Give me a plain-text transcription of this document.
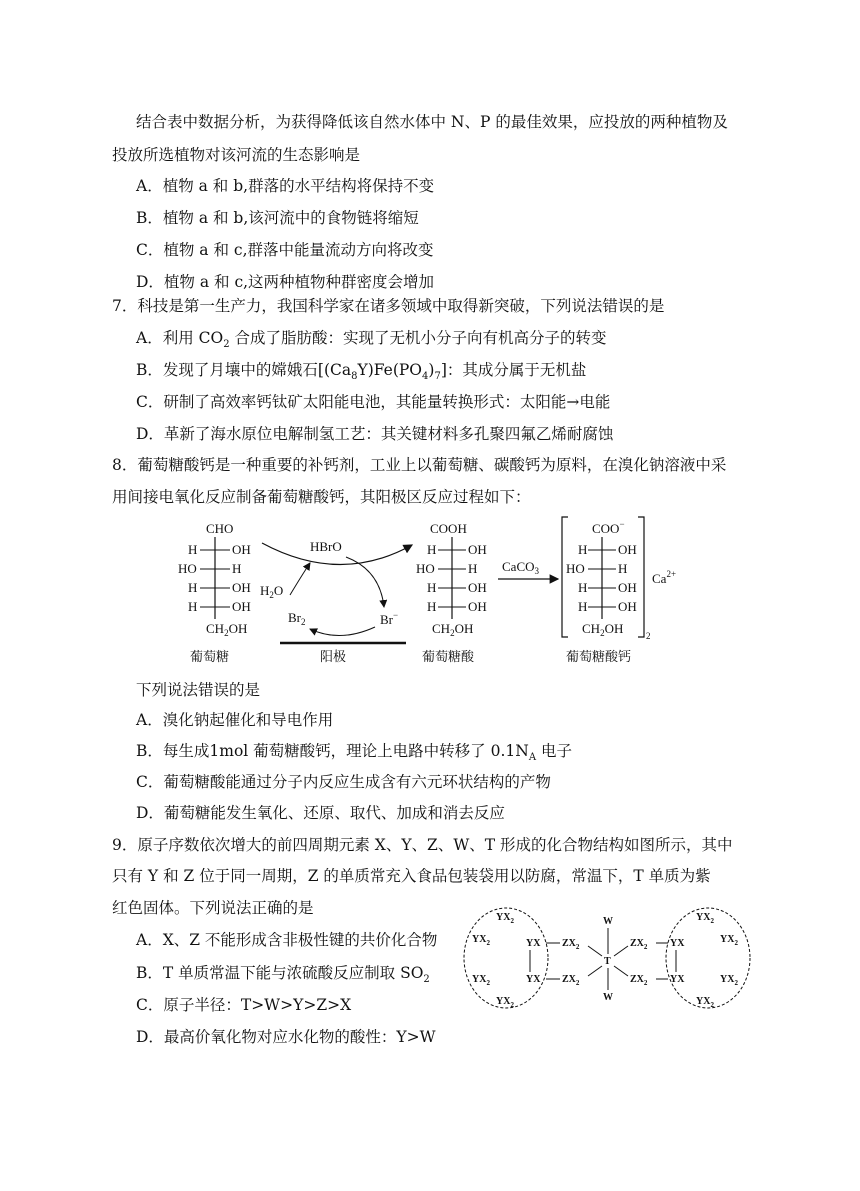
结合表中数据分析，为获得降低该自然水体中 N、P 的最佳效果，应投放的两种植物及
投放所选植物对该河流的生态影响是
A．植物 a 和 b,群落的水平结构将保持不变
B．植物 a 和 b,该河流中的食物链将缩短
C．植物 a 和 c,群落中能量流动方向将改变
D．植物 a 和 c,这两种植物种群密度会增加
7．科技是第一生产力，我国科学家在诸多领域中取得新突破，下列说法错误的是
A．利用 $CO_2$ 合成了脂肪酸：实现了无机小分子向有机高分子的转变
B．发现了月壤中的嫦娥石$[(Ca_8Y)Fe(PO_4)_7]$：其成分属于无机盐
C．研制了高效率钙钛矿太阳能电池，其能量转换形式：太阳能→电能
D．革新了海水原位电解制氢工艺：其关键材料多孔聚四氟乙烯耐腐蚀
8．葡萄糖酸钙是一种重要的补钙剂，工业上以葡萄糖、碳酸钙为原料，在溴化钠溶液中采
用间接电氧化反应制备葡萄糖酸钙，其阳极区反应过程如下：
CHO
H	OH
HO	H
H	OH
H	OH
$CH_2OH$
HBrO
$H_2O$
$Br_2$	Br−
COOH
H OH
HO	H
H OH
H OH
$CH_2OH$
CaCO$_3$
COO−
H OH
HO	H
H OH
H OH
$CH_2OH$	2
$Ca^{2+}$
葡萄糖	阳极	葡萄糖酸	葡萄糖酸钙
下列说法错误的是
A．溴化钠起催化和导电作用
B．每生成1mol 葡萄糖酸钙，理论上电路中转移了 $0.1N_A$ 电子
C．葡萄糖酸能通过分子内反应生成含有六元环状结构的产物
D．葡萄糖能发生氧化、还原、取代、加成和消去反应
9．原子序数依次增大的前四周期元素 X、Y、Z、W、T 形成的化合物结构如图所示，其中
只有 Y 和 Z 位于同一周期，Z 的单质常充入食品包装袋用以防腐，常温下，T 单质为紫
红色固体。下列说法正确的是
A．X、Z 不能形成含非极性键的共价化合物
B．T 单质常温下能与浓硫酸反应制取 $SO_2$
C．原子半径：T>W>Y>Z>X
D．最高价氧化物对应水化物的酸性：Y>W
$YX_2$
$YX_2$
$YX_2$
$YX_2$
YX
YX
$ZX_2$
$ZX_2$
T
W
W
$ZX_2$
$ZX_2$
YX
YX
$YX_2$
$YX_2$
$YX_2$
$YX_2$
